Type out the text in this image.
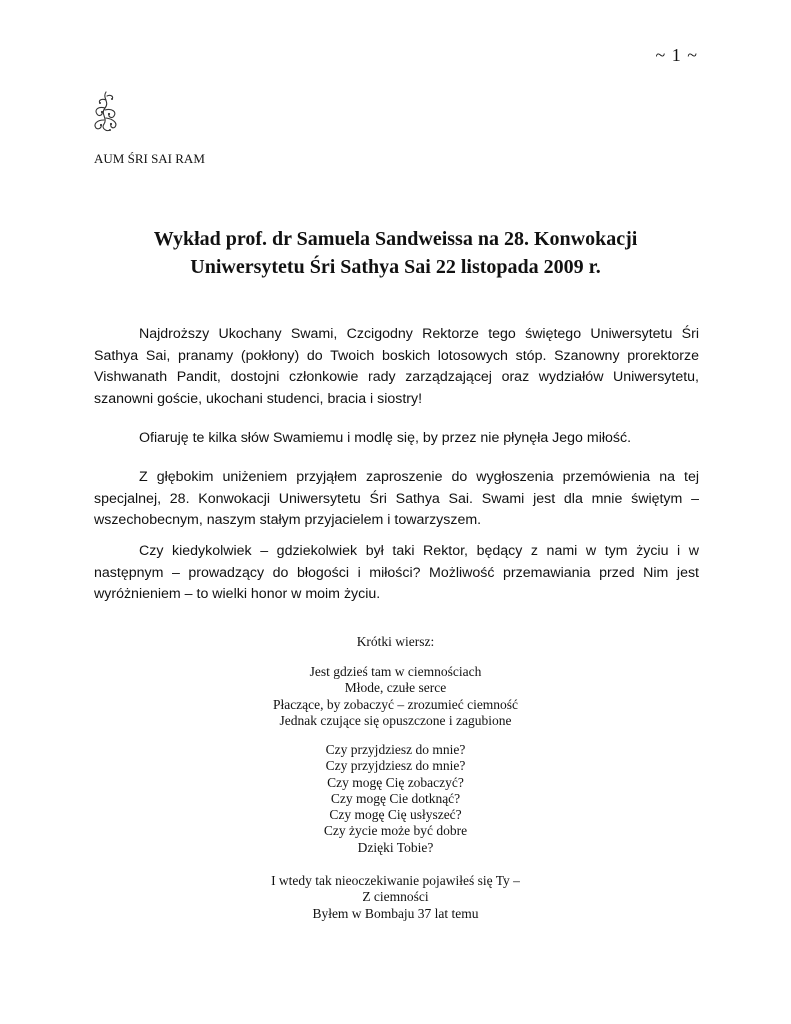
~ 1 ~
AUM ŚRI SAI RAM
Wykład prof. dr Samuela Sandweissa na 28. Konwokacji
Uniwersytetu Śri Sathya Sai 22 listopada 2009 r.

Najdroższy Ukochany Swami, Czcigodny Rektorze tego świętego Uniwersytetu Śri Sathya Sai, pranamy (pokłony) do Twoich boskich lotosowych stóp. Szanowny prorektorze Vishwanath Pandit, dostojni członkowie rady zarządzającej oraz wydziałów Uniwersytetu, szanowni goście, ukochani studenci, bracia i siostry!

Ofiaruję te kilka słów Swamiemu i modlę się, by przez nie płynęła Jego miłość.

Z głębokim uniżeniem przyjąłem zaproszenie do wygłoszenia przemówienia na tej specjalnej, 28. Konwokacji Uniwersytetu Śri Sathya Sai. Swami jest dla mnie świętym – wszechobecnym, naszym stałym przyjacielem i towarzyszem.

Czy kiedykolwiek – gdziekolwiek był taki Rektor, będący z nami w tym życiu i w następnym – prowadzący do błogości i miłości? Możliwość przemawiania przed Nim jest wyróżnieniem – to wielki honor w moim życiu.

Krótki wiersz:
Jest gdzieś tam w ciemnościach
Młode, czułe serce
Płaczące, by zobaczyć – zrozumieć ciemność
Jednak czujące się opuszczone i zagubione
Czy przyjdziesz do mnie?
Czy przyjdziesz do mnie?
Czy mogę Cię zobaczyć?
Czy mogę Cie dotknąć?
Czy mogę Cię usłyszeć?
Czy życie może być dobre
Dzięki Tobie?
I wtedy tak nieoczekiwanie pojawiłeś się Ty –
Z ciemności
Byłem w Bombaju 37 lat temu
